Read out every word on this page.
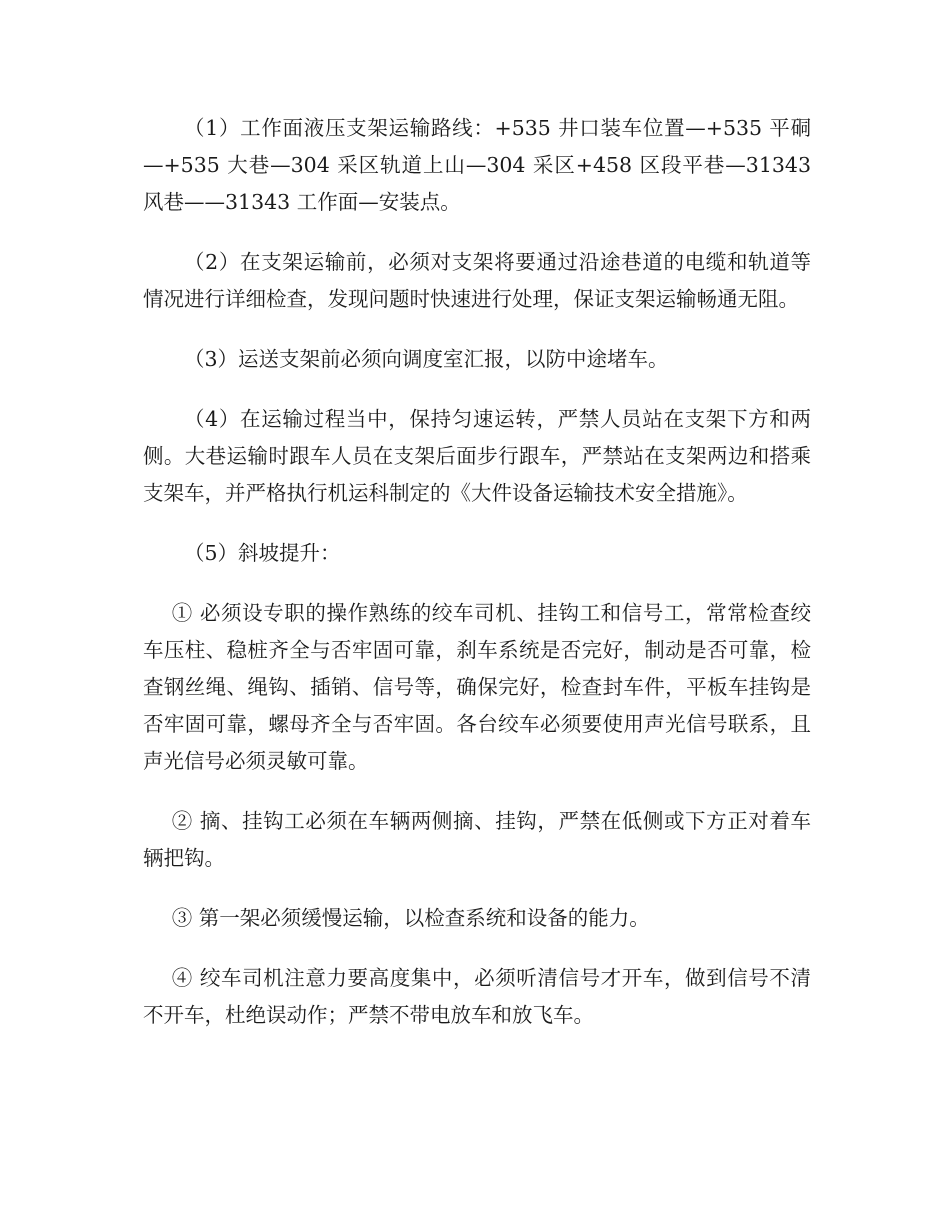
（1）工作面液压支架运输路线：+535 井口装车位置—+535 平硐—+535 大巷—304 采区轨道上山—304 采区+458 区段平巷—31343 风巷——31343 工作面—安装点。

（2）在支架运输前，必须对支架将要通过沿途巷道的电缆和轨道等情况进行详细检查，发现问题时快速进行处理，保证支架运输畅通无阻。

（3）运送支架前必须向调度室汇报，以防中途堵车。

（4）在运输过程当中，保持匀速运转，严禁人员站在支架下方和两侧。大巷运输时跟车人员在支架后面步行跟车，严禁站在支架两边和搭乘支架车，并严格执行机运科制定的《大件设备运输技术安全措施》。

（5）斜坡提升：

① 必须设专职的操作熟练的绞车司机、挂钩工和信号工，常常检查绞车压柱、稳桩齐全与否牢固可靠，刹车系统是否完好，制动是否可靠，检查钢丝绳、绳钩、插销、信号等，确保完好，检查封车件，平板车挂钩是否牢固可靠，螺母齐全与否牢固。各台绞车必须要使用声光信号联系，且声光信号必须灵敏可靠。

② 摘、挂钩工必须在车辆两侧摘、挂钩，严禁在低侧或下方正对着车辆把钩。

③ 第一架必须缓慢运输，以检查系统和设备的能力。

④ 绞车司机注意力要高度集中，必须听清信号才开车，做到信号不清不开车，杜绝误动作；严禁不带电放车和放飞车。
